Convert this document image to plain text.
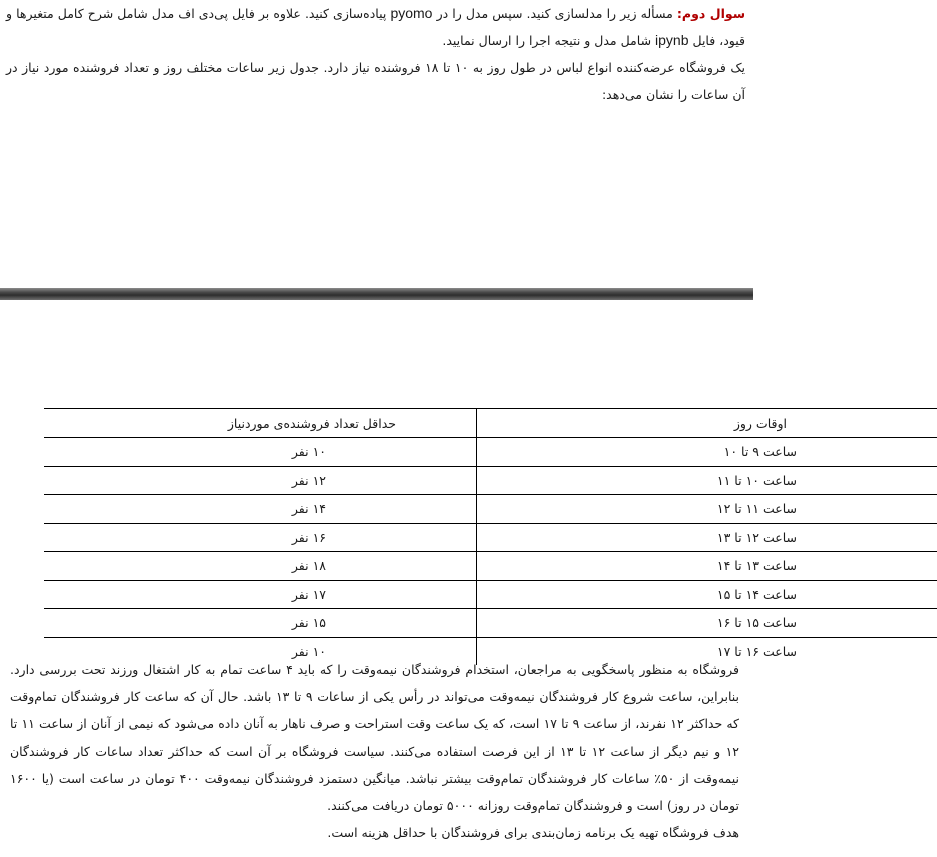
سوال دوم: مسأله زیر را مدلسازی کنید. سپس مدل را در pyomo پیاده‌سازی کنید. علاوه بر فایل پی‌دی اف مدل شامل شرح کامل متغیرها و قیود، فایل ipynb شامل مدل و نتیجه اجرا را ارسال نمایید.

یک فروشگاه عرضه‌کننده انواع لباس در طول روز به ۱۰ تا ۱۸ فروشنده نیاز دارد. جدول زیر ساعات مختلف روز و تعداد فروشنده مورد نیاز در آن ساعات را نشان می‌دهد:

اوقات روز	حداقل تعداد فروشنده‌ی موردنیاز
ساعت ۹ تا ۱۰	۱۰ نفر
ساعت ۱۰ تا ۱۱	۱۲ نفر
ساعت ۱۱ تا ۱۲	۱۴ نفر
ساعت ۱۲ تا ۱۳	۱۶ نفر
ساعت ۱۳ تا ۱۴	۱۸ نفر
ساعت ۱۴ تا ۱۵	۱۷ نفر
ساعت ۱۵ تا ۱۶	۱۵ نفر
ساعت ۱۶ تا ۱۷	۱۰ نفر

فروشگاه به منظور پاسخگویی به مراجعان، استخدام فروشندگان نیمه‌وقت را که باید ۴ ساعت تمام به کار اشتغال ورزند تحت بررسی دارد. بنابراین، ساعت شروع کار فروشندگان نیمه‌وقت می‌تواند در رأس یکی از ساعات ۹ تا ۱۳ باشد. حال آن که ساعت کار فروشندگان تمام‌وقت که حداکثر ۱۲ نفرند، از ساعت ۹ تا ۱۷ است، که یک ساعت وقت استراحت و صرف ناهار به آنان داده می‌شود که نیمی از آنان از ساعت ۱۱ تا ۱۲ و نیم دیگر از ساعت ۱۲ تا ۱۳ از این فرصت استفاده می‌کنند. سیاست فروشگاه بر آن است که حداکثر تعداد ساعات کار فروشندگان نیمه‌وقت از ۵۰٪ ساعات کار فروشندگان تمام‌وقت بیشتر نباشد. میانگین دستمزد فروشندگان نیمه‌وقت ۴۰۰ تومان در ساعت است (یا ۱۶۰۰ تومان در روز) است و فروشندگان تمام‌وقت روزانه ۵۰۰۰ تومان دریافت می‌کنند.

هدف فروشگاه تهیه یک برنامه زمان‌بندی برای فروشندگان با حداقل هزینه است.
